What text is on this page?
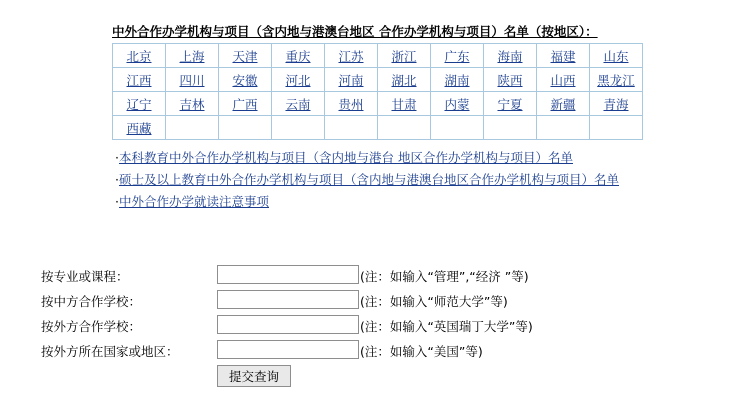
中外合作办学机构与项目（含内地与港澳台地区 合作办学机构与项目）名单（按地区）：
北京	上海	天津	重庆	江苏	浙江	广东	海南	福建	山东
江西	四川	安徽	河北	河南	湖北	湖南	陕西	山西	黑龙江
辽宁	吉林	广西	云南	贵州	甘肃	内蒙	宁夏	新疆	青海
西藏									
·本科教育中外合作办学机构与项目（含内地与港台 地区合作办学机构与项目）名单
·硕士及以上教育中外合作办学机构与项目（含内地与港澳台地区合作办学机构与项目）名单
·中外合作办学就读注意事项
按专业或课程：	(注：如输入“管理”,“经济 ”等)
按中方合作学校：	(注：如输入“师范大学”等)
按外方合作学校：	(注：如输入“英国瑞丁大学”等)
按外方所在国家或地区：	(注：如输入“美国”等)
提交查询
